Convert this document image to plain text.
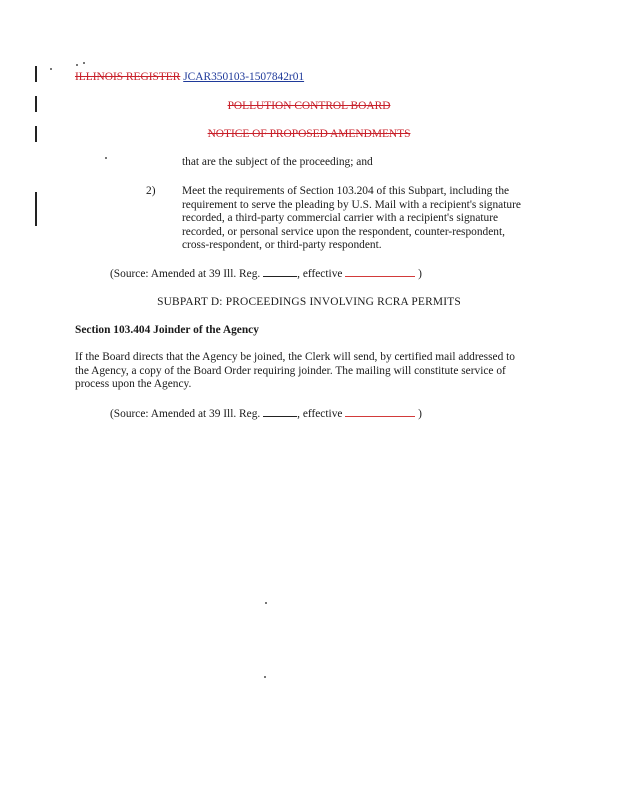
ILLINOIS REGISTER JCAR350103-1507842r01
POLLUTION CONTROL BOARD
NOTICE OF PROPOSED AMENDMENTS
that are the subject of the proceeding; and
2) Meet the requirements of Section 103.204 of this Subpart, including the
requirement to serve the pleading by U.S. Mail with a recipient's signature
recorded, a third-party commercial carrier with a recipient's signature
recorded, or personal service upon the respondent, counter-respondent,
cross-respondent, or third-party respondent.
(Source: Amended at 39 Ill. Reg.	, effective	)
SUBPART D: PROCEEDINGS INVOLVING RCRA PERMITS
Section 103.404 Joinder of the Agency
If the Board directs that the Agency be joined, the Clerk will send, by certified mail addressed to
the Agency, a copy of the Board Order requiring joinder. The mailing will constitute service of
process upon the Agency.
(Source: Amended at 39 Ill. Reg.	, effective	)
